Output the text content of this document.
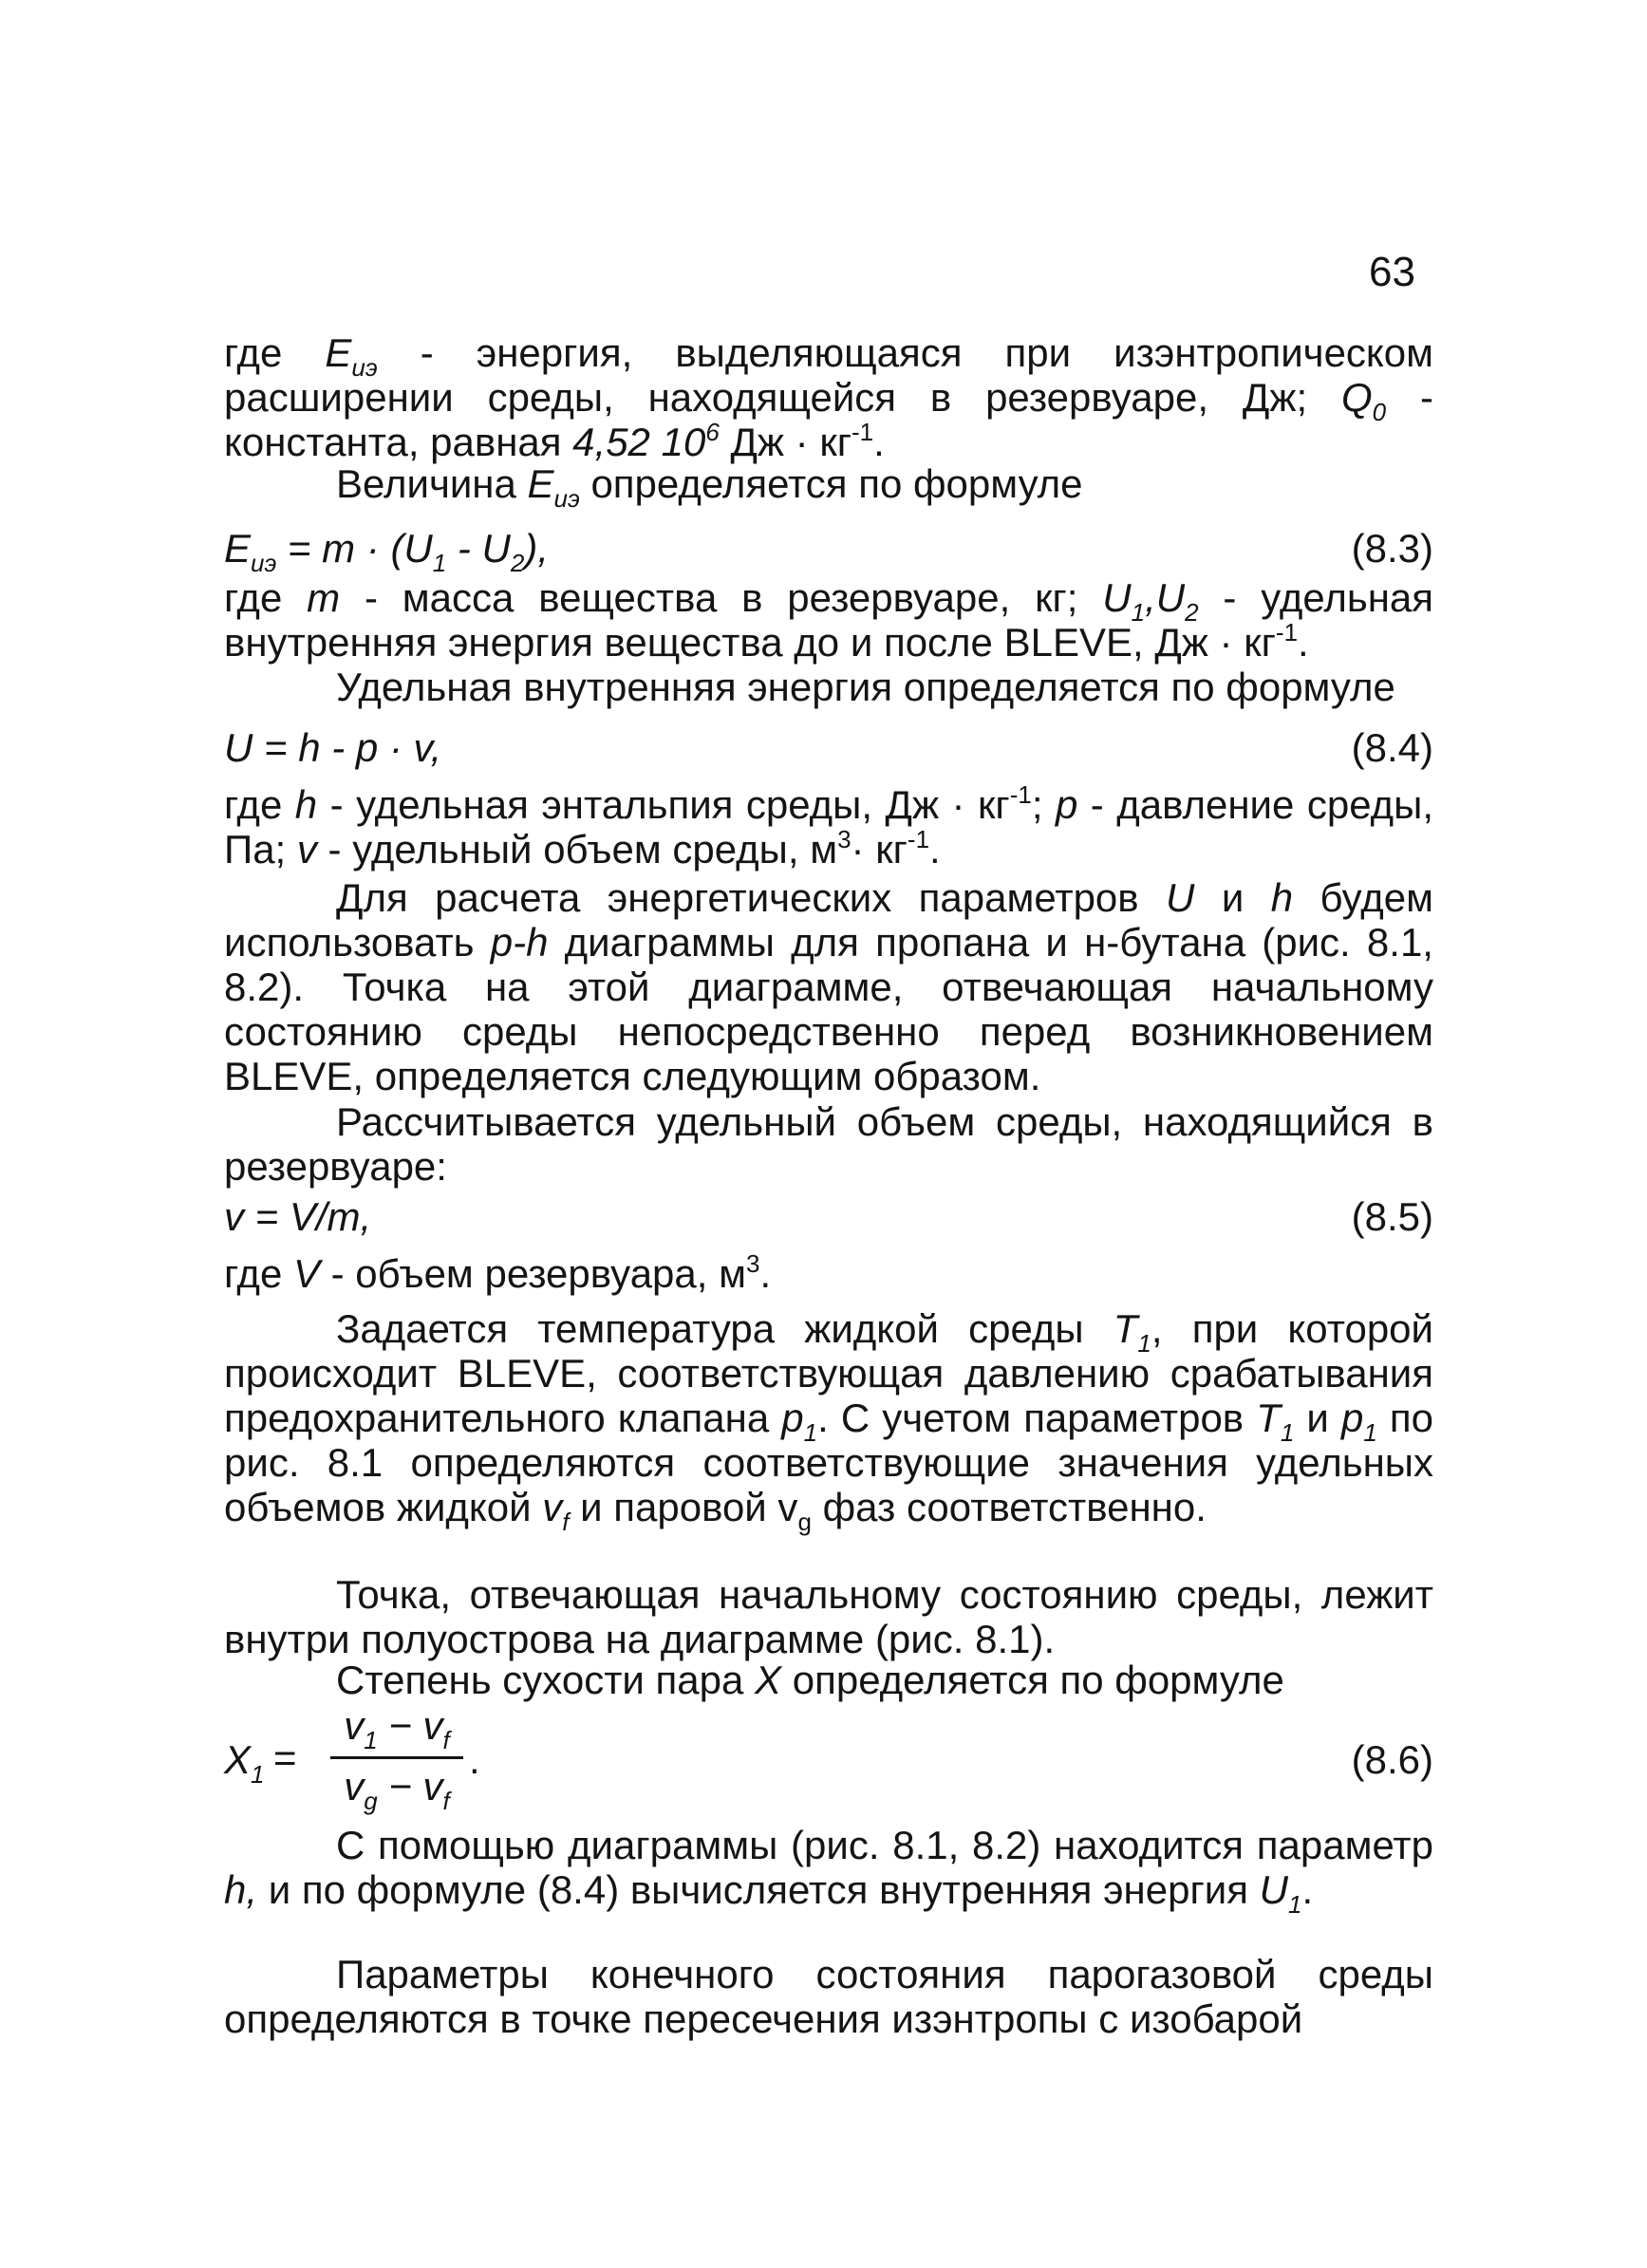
63

где $E_{иэ}$ - энергия, выделяющаяся при изэнтропическом расширении среды, находящейся в резервуаре, Дж; $Q_0$ - константа, равная 4,52 $10^6$ Дж · $кг^{-1}$.

Величина $E_{иэ}$ определяется по формуле

$E_{иэ} = m \cdot (U_1 - U_2)$,	(8.3)

где m - масса вещества в резервуаре, кг; $U_1,U_2$ - удельная внутренняя энергия вещества до и после BLEVE, Дж · $кг^{-1}$.

Удельная внутренняя энергия определяется по формуле

U = h - p · v,	(8.4)

где h - удельная энтальпия среды, Дж · $кг^{-1}$; p - давление среды, Па; v - удельный объем среды, $м^3\cdot кг^{-1}$.

Для расчета энергетических параметров U и h будем использовать p-h диаграммы для пропана и н-бутана (рис. 8.1, 8.2). Точка на этой диаграмме, отвечающая начальному состоянию среды непосредственно перед возникновением BLEVE, определяется следующим образом.

Рассчитывается удельный объем среды, находящийся в резервуаре:

v = V/m,	(8.5)

где V - объем резервуара, $м^3$.

Задается температура жидкой среды $T_1$, при которой происходит BLEVE, соответствующая давлению срабатывания предохранительного клапана $p_1$. С учетом параметров $T_1$ и $p_1$ по рис. 8.1 определяются соответствующие значения удельных объемов жидкой $v_f$ и паровой $v_g$ фаз соответственно.

Точка, отвечающая начальному состоянию среды, лежит внутри полуострова на диаграмме (рис. 8.1).

Степень сухости пара X определяется по формуле

$X_1$ =
$v_1 - v_f$
$v_g - v_f$
.	(8.6)

С помощью диаграммы (рис. 8.1, 8.2) находится параметр h, и по формуле (8.4) вычисляется внутренняя энергия $U_1$.

Параметры конечного состояния парогазовой среды определяются в точке пересечения изэнтропы с изобарой
